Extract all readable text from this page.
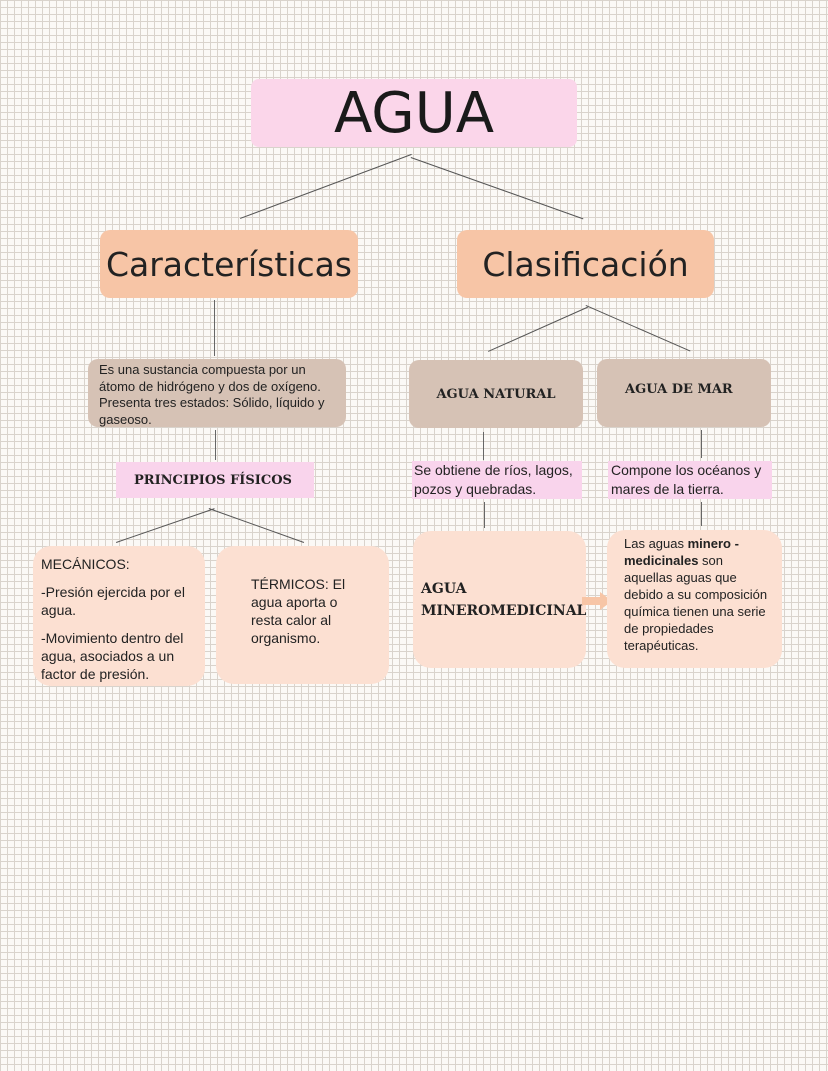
AGUA
Características	Clasificación
Es una sustancia compuesta por un átomo de hidrógeno y dos de oxígeno. Presenta tres estados: Sólido, líquido y gaseoso.
PRINCIPIOS FÍSICOS

MECÁNICOS:

-Presión ejercida por el agua.

-Movimiento dentro del agua, asociados a un factor de presión.

TÉRMICOS: El agua aporta o resta calor al organismo.
AGUA NATURAL	AGUA DE MAR
Se obtiene de ríos, lagos, pozos y quebradas.
Compone los océanos y mares de la tierra.
AGUA MINEROMEDICINAL
Las aguas minero - medicinales son aquellas aguas que debido a su composición química tienen una serie de propiedades terapéuticas.
